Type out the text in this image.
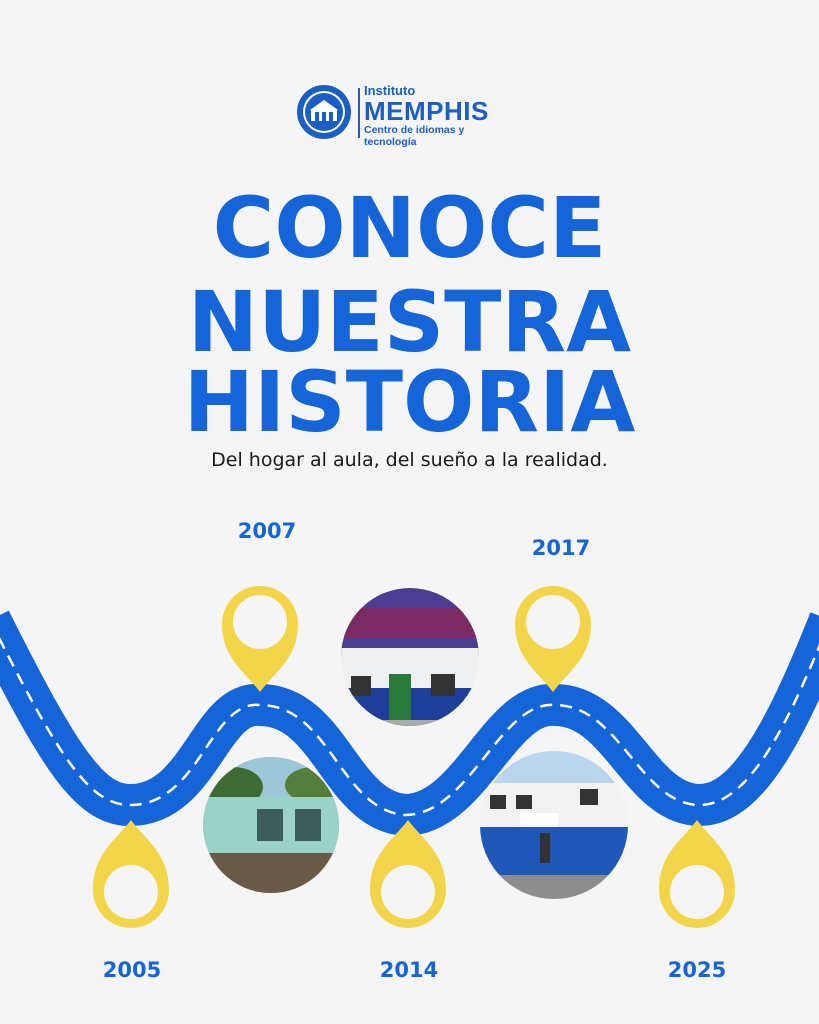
Instituto
MEMPHIS
Centro de idiomas y tecnología
CONOCE
NUESTRA
HISTORIA
Del hogar al aula, del sueño a la realidad.
2007
2017
2005	2014	2025
